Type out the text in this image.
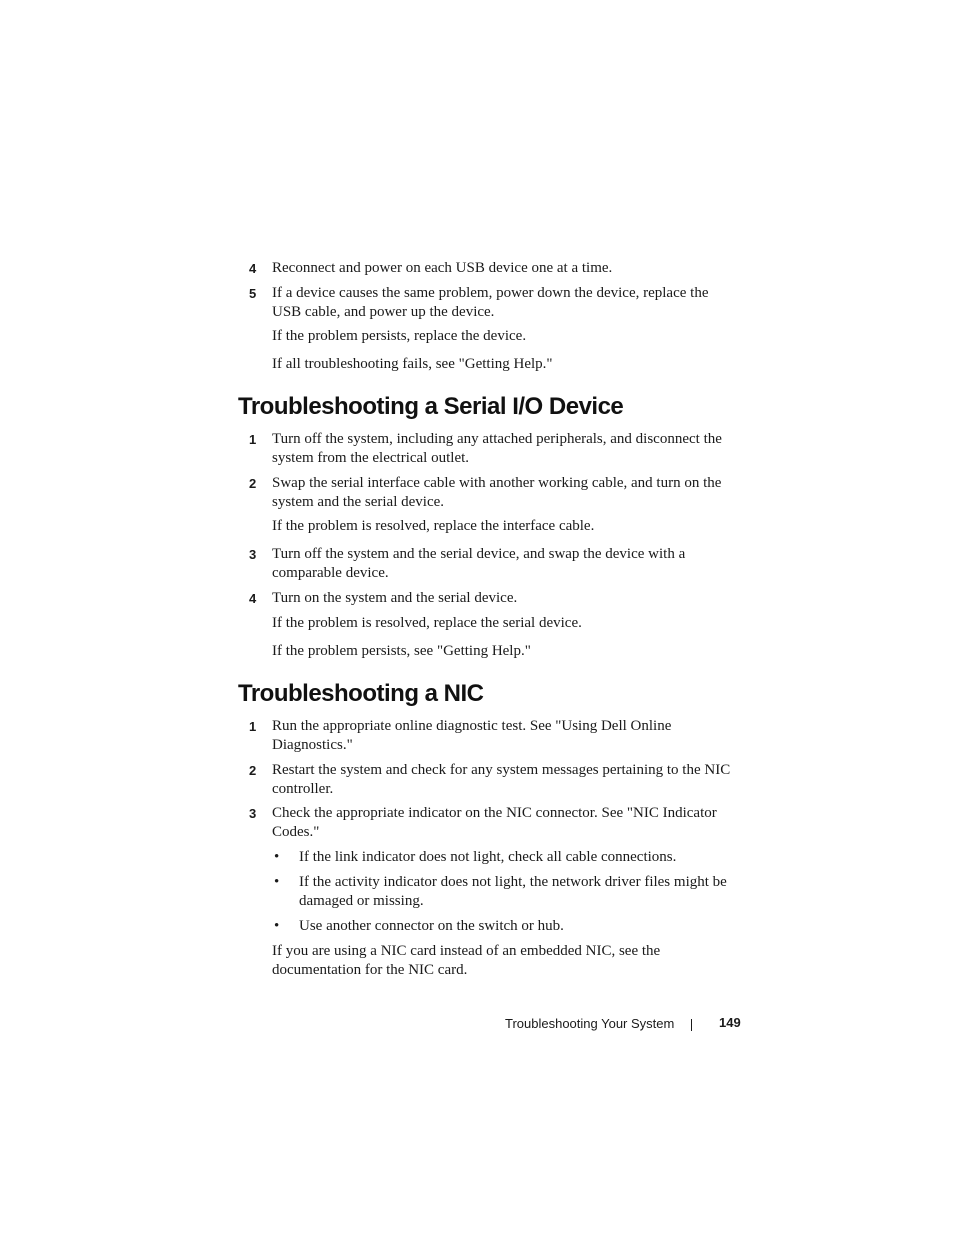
4 Reconnect and power on each USB device one at a time.
5 If a device causes the same problem, power down the device, replace the USB cable, and power up the device.
If the problem persists, replace the device.
If all troubleshooting fails, see "Getting Help."
Troubleshooting a Serial I/O Device
1 Turn off the system, including any attached peripherals, and disconnect the system from the electrical outlet.
2 Swap the serial interface cable with another working cable, and turn on the system and the serial device.
If the problem is resolved, replace the interface cable.
3 Turn off the system and the serial device, and swap the device with a comparable device.
4 Turn on the system and the serial device.
If the problem is resolved, replace the serial device.
If the problem persists, see "Getting Help."
Troubleshooting a NIC
1 Run the appropriate online diagnostic test. See "Using Dell Online Diagnostics."
2 Restart the system and check for any system messages pertaining to the NIC controller.
3 Check the appropriate indicator on the NIC connector. See "NIC Indicator Codes."
• If the link indicator does not light, check all cable connections.
• If the activity indicator does not light, the network driver files might be damaged or missing.
• Use another connector on the switch or hub.
If you are using a NIC card instead of an embedded NIC, see the documentation for the NIC card.
Troubleshooting Your System	149
